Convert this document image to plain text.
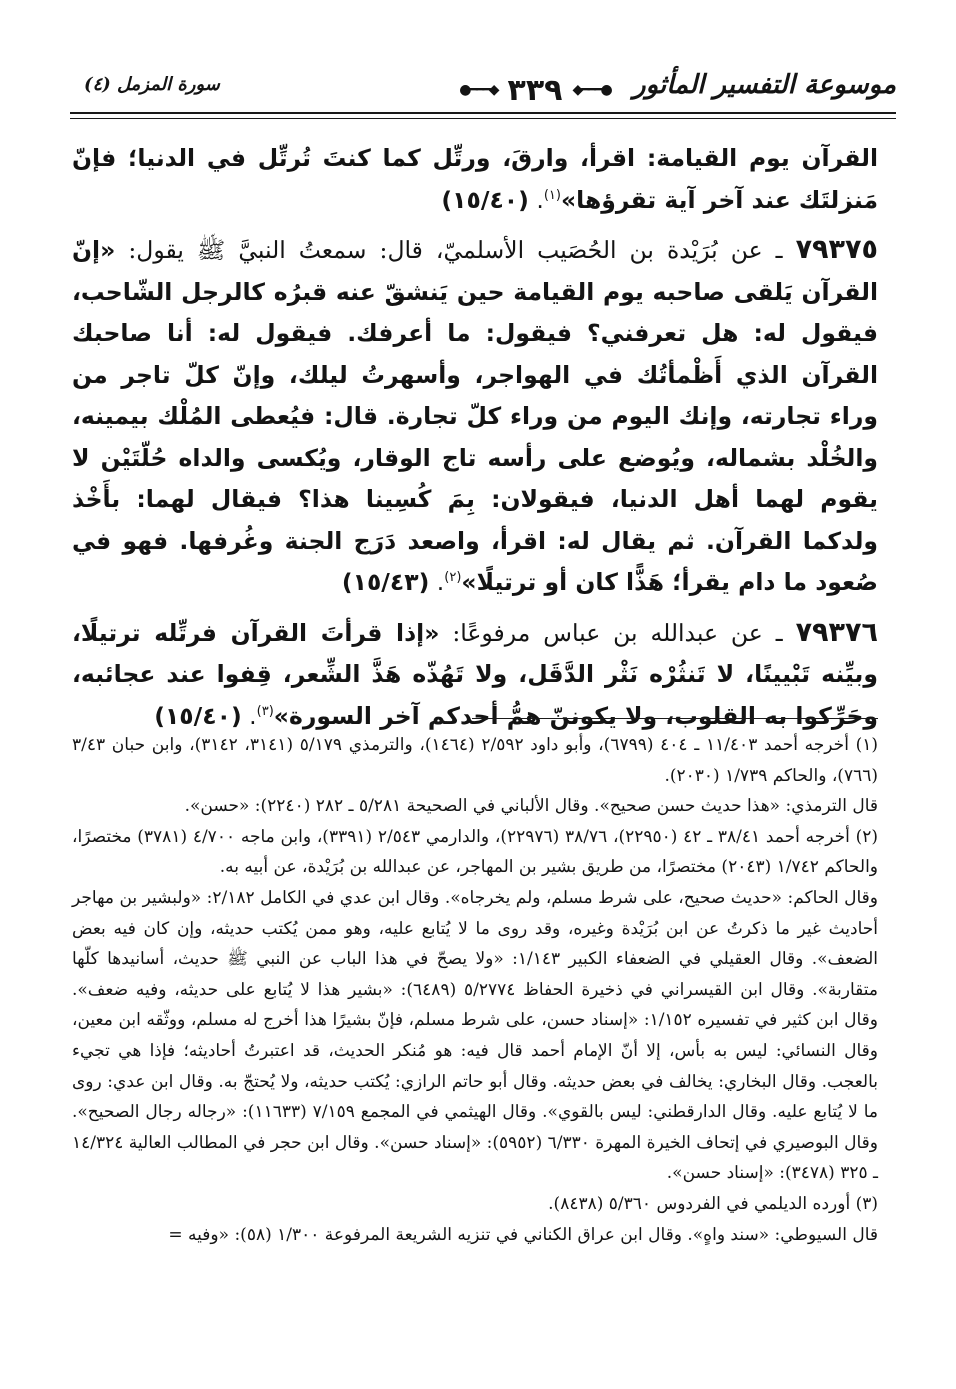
موسوعة التفسير المأثور
●━━━◆ ٣٣٩ ◆━━━●
سورة المزمل (٤)

القرآن يوم القيامة: اقرأ، وارقَ، ورتِّل كما كنتَ تُرتِّل في الدنيا؛ فإنّ مَنزلتَك عند آخر آية تقرؤها»$^{(١)}$. (١٥/٤٠)

٧٩٣٧٥ ـ عن بُرَيْدة بن الحُصَيب الأسلميّ، قال: سمعتُ النبيَّ ﷺ يقول: «إنّ القرآن يَلقى صاحبه يوم القيامة حين يَنشقّ عنه قبرُه كالرجل الشّاحب، فيقول له: هل تعرفني؟ فيقول: ما أعرفك. فيقول له: أنا صاحبك القرآن الذي أَظْمأتُك في الهواجر، وأسهرتُ ليلك، وإنّ كلّ تاجر من وراء تجارته، وإنك اليوم من وراء كلّ تجارة. قال: فيُعطى المُلْك بيمينه، والخُلْد بشماله، ويُوضع على رأسه تاج الوقار، ويُكسى والداه حُلّتَيْن لا يقوم لهما أهل الدنيا، فيقولان: بِمَ كُسِينا هذا؟ فيقال لهما: بأَخْذ ولدكما القرآن. ثم يقال له: اقرأ، واصعد دَرَج الجنة وغُرفها. فهو في صُعود ما دام يقرأ؛ هَذًّا كان أو ترتيلًا»$^{(٢)}$. (١٥/٤٣)

٧٩٣٧٦ ـ عن عبدالله بن عباس مرفوعًا: «إذا قرأتَ القرآن فرتِّله ترتيلًا، وبيِّنه تَبْيينًا، لا تَنثُرْه نَثْر الدَّقَل، ولا تَهُذّه هَذَّ الشِّعر، قِفوا عند عجائبه، وحَرِّكوا به القلوب، ولا يكوننّ همُّ أحدكم آخر السورة»$^{(٣)}$. (١٥/٤٠)

(١) أخرجه أحمد ١١/٤٠٣ ـ ٤٠٤ (٦٧٩٩)، وأبو داود ٢/٥٩٢ (١٤٦٤)، والترمذي ٥/١٧٩ (٣١٤١، ٣١٤٢)، وابن حبان ٣/٤٣ (٧٦٦)، والحاكم ١/٧٣٩ (٢٠٣٠).

قال الترمذي: «هذا حديث حسن صحيح». وقال الألباني في الصحيحة ٥/٢٨١ ـ ٢٨٢ (٢٢٤٠): «حسن».

(٢) أخرجه أحمد ٣٨/٤١ ـ ٤٢ (٢٢٩٥٠)، ٣٨/٧٦ (٢٢٩٧٦)، والدارمي ٢/٥٤٣ (٣٣٩١)، وابن ماجه ٤/٧٠٠ (٣٧٨١) مختصرًا، والحاكم ١/٧٤٢ (٢٠٤٣) مختصرًا، من طريق بشير بن المهاجر، عن عبدالله بن بُرَيْدة، عن أبيه به.

وقال الحاكم: «حديث صحيح، على شرط مسلم، ولم يخرجاه». وقال ابن عدي في الكامل ٢/١٨٢: «ولبشير بن مهاجر أحاديث غير ما ذكرتُ عن ابن بُرَيْدة وغيره، وقد روى ما لا يُتابع عليه، وهو ممن يُكتب حديثه، وإن كان فيه بعض الضعف». وقال العقيلي في الضعفاء الكبير ١/١٤٣: «ولا يصحّ في هذا الباب عن النبي ﷺ حديث، أسانيدها كلّها متقاربة». وقال ابن القيسراني في ذخيرة الحفاظ ٥/٢٧٧٤ (٦٤٨٩): «بشير هذا لا يُتابع على حديثه، وفيه ضعف». وقال ابن كثير في تفسيره ١/١٥٢: «إسناد حسن، على شرط مسلم، فإنّ بشيرًا هذا أخرج له مسلم، ووثّقه ابن معين، وقال النسائي: ليس به بأس، إلا أنّ الإمام أحمد قال فيه: هو مُنكر الحديث، قد اعتبرتُ أحاديثه؛ فإذا هي تجيء بالعجب. وقال البخاري: يخالف في بعض حديثه. وقال أبو حاتم الرازي: يُكتب حديثه، ولا يُحتجّ به. وقال ابن عدي: روى ما لا يُتابع عليه. وقال الدارقطني: ليس بالقوي». وقال الهيثمي في المجمع ٧/١٥٩ (١١٦٣٣): «رجاله رجال الصحيح». وقال البوصيري في إتحاف الخيرة المهرة ٦/٣٣٠ (٥٩٥٢): «إسناد حسن». وقال ابن حجر في المطالب العالية ١٤/٣٢٤ ـ ٣٢٥ (٣٤٧٨): «إسناد حسن».

(٣) أورده الديلمي في الفردوس ٥/٣٦٠ (٨٤٣٨).

قال السيوطي: «سند واهٍ». وقال ابن عراق الكناني في تنزيه الشريعة المرفوعة ١/٣٠٠ (٥٨): «وفيه =
